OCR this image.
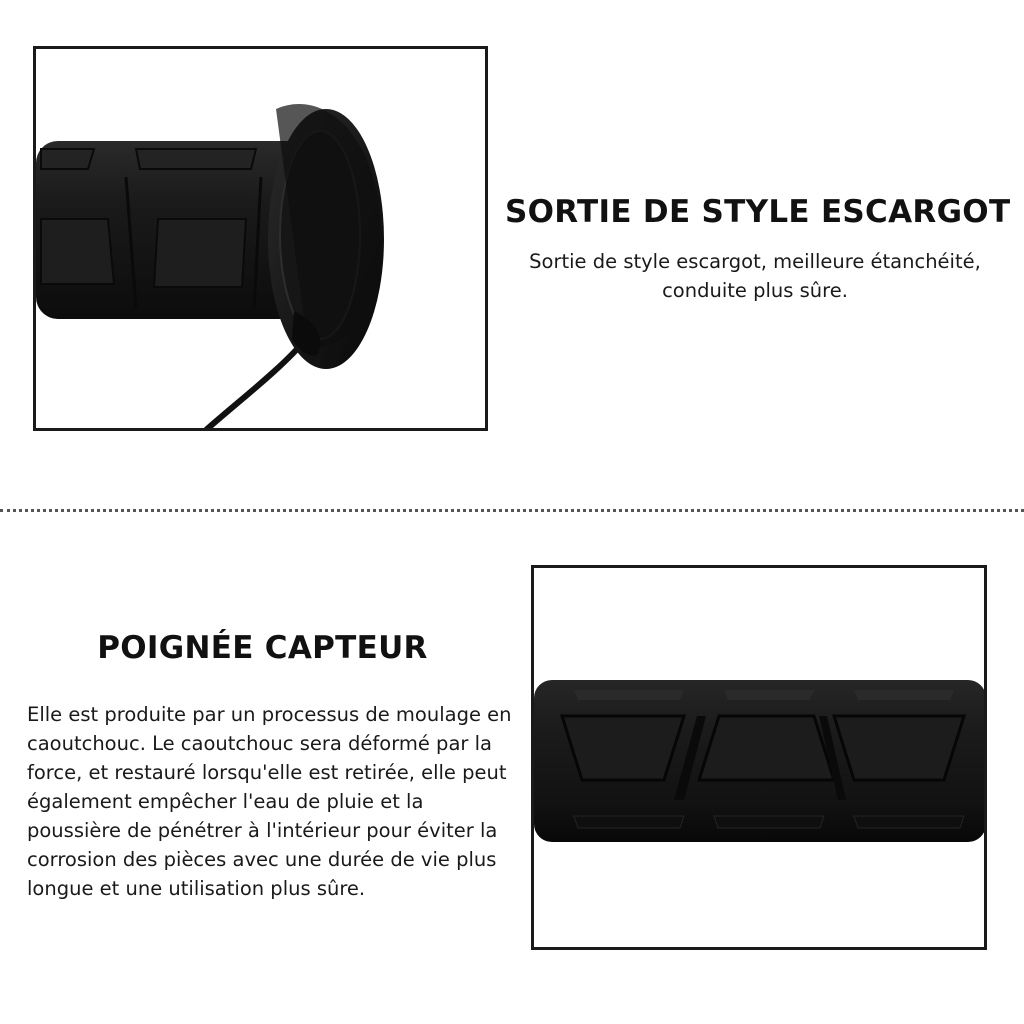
SORTIE DE STYLE ESCARGOT

Sortie de style escargot, meilleure étanchéité, conduite plus sûre.

POIGNÉE CAPTEUR

Elle est produite par un processus de moulage en caoutchouc. Le caoutchouc sera déformé par la force, et restauré lorsqu'elle est retirée, elle peut également empêcher l'eau de pluie et la poussière de pénétrer à l'intérieur pour éviter la corrosion des pièces avec une durée de vie plus longue et une utilisation plus sûre.
